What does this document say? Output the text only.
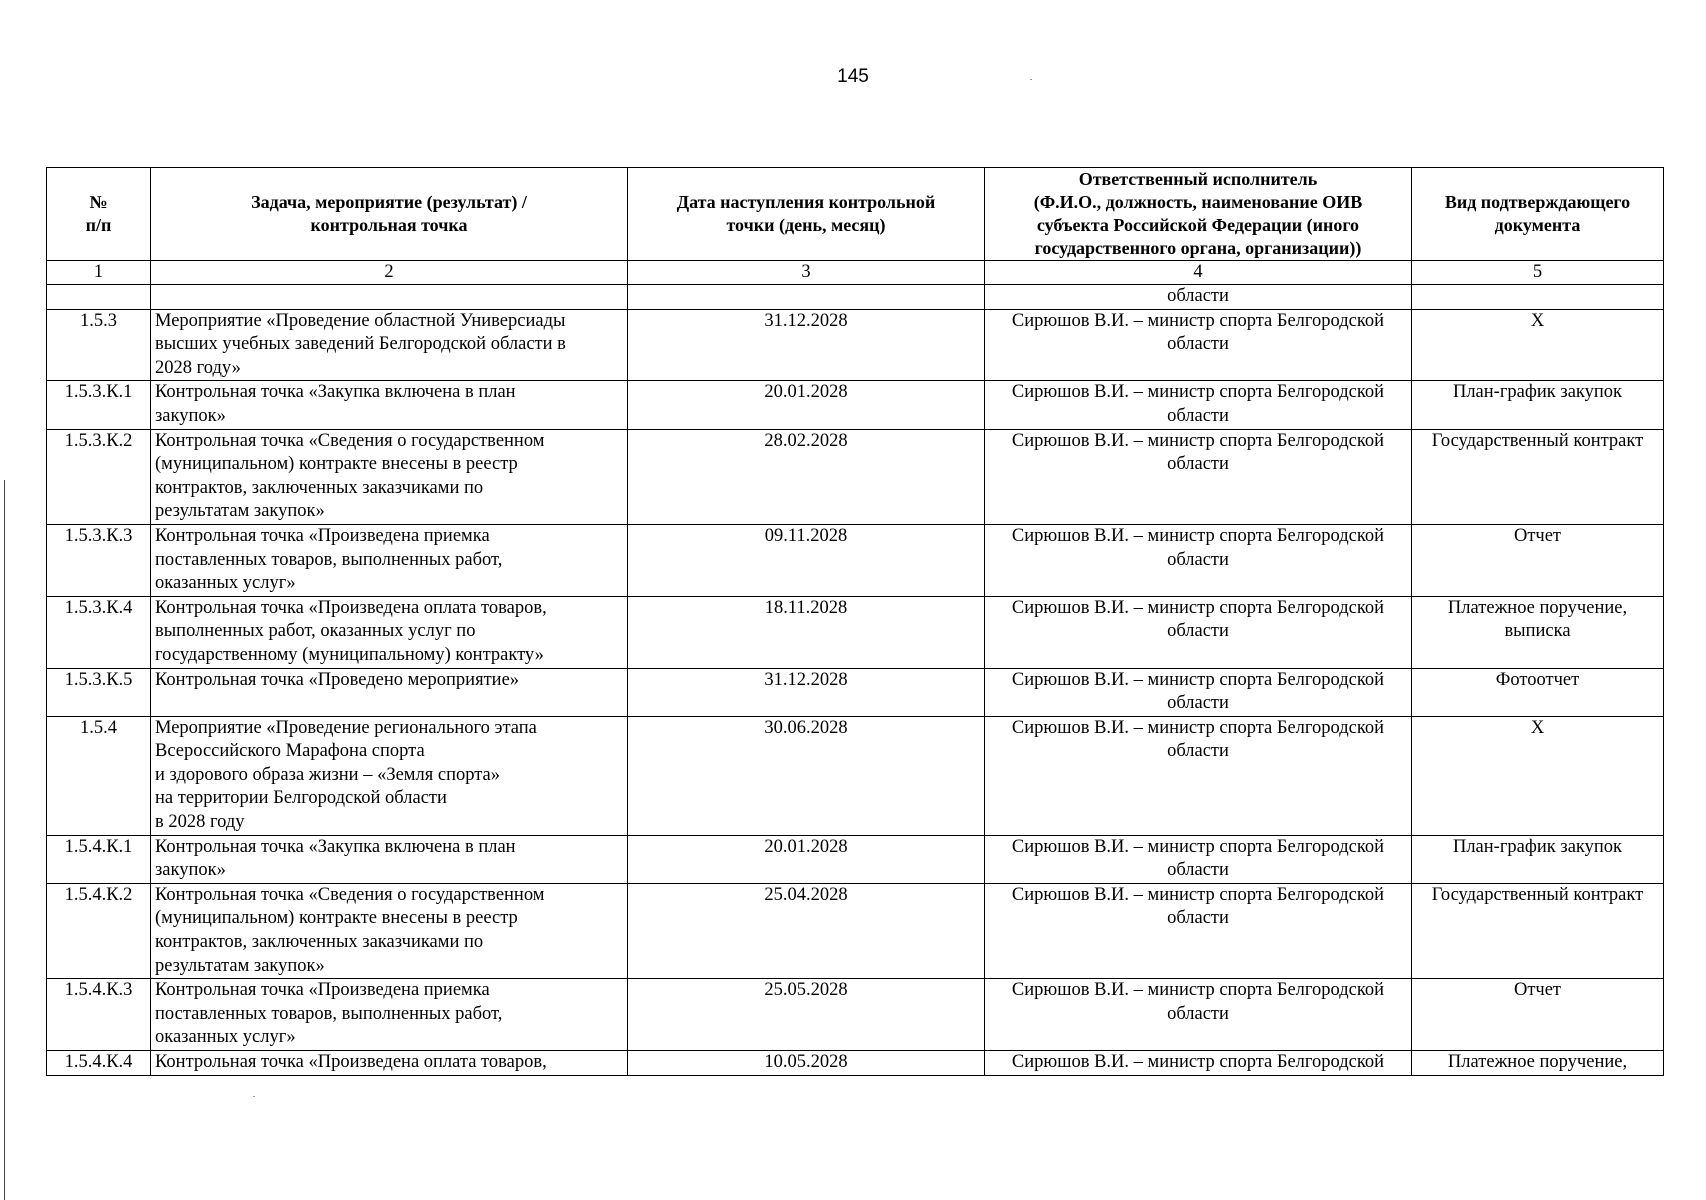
145
№
п/п	Задача, мероприятие (результат) /
контрольная точка	Дата наступления контрольной
точки (день, месяц)	Ответственный исполнитель
(Ф.И.О., должность, наименование ОИВ
субъекта Российской Федерации (иного
государственного органа, организации))	Вид подтверждающего
документа

1	2	3	4	5
			области	
1.5.3	Мероприятие «Проведение областной Универсиады
высших учебных заведений Белгородской области в
2028 году»	31.12.2028	Сирюшов В.И. – министр спорта Белгородской
области	Х

1.5.3.К.1	Контрольная точка «Закупка включена в план
закупок»	20.01.2028	Сирюшов В.И. – министр спорта Белгородской
области	План-график закупок

1.5.3.К.2	Контрольная точка «Сведения о государственном
(муниципальном) контракте внесены в реестр
контрактов, заключенных заказчиками по
результатам закупок»	28.02.2028	Сирюшов В.И. – министр спорта Белгородской
области	Государственный контракт

1.5.3.К.3	Контрольная точка «Произведена приемка
поставленных товаров, выполненных работ,
оказанных услуг»	09.11.2028	Сирюшов В.И. – министр спорта Белгородской
области	Отчет

1.5.3.К.4	Контрольная точка «Произведена оплата товаров,
выполненных работ, оказанных услуг по
государственному (муниципальному) контракту»	18.11.2028	Сирюшов В.И. – министр спорта Белгородской
области	Платежное поручение,
выписка

1.5.3.К.5	Контрольная точка «Проведено мероприятие»	31.12.2028	Сирюшов В.И. – министр спорта Белгородской
области	Фотоотчет

1.5.4	Мероприятие «Проведение регионального этапа
Всероссийского Марафона спорта
и здорового образа жизни – «Земля спорта»
на территории Белгородской области
в 2028 году	30.06.2028	Сирюшов В.И. – министр спорта Белгородской
области	Х

1.5.4.К.1	Контрольная точка «Закупка включена в план
закупок»	20.01.2028	Сирюшов В.И. – министр спорта Белгородской
области	План-график закупок

1.5.4.К.2	Контрольная точка «Сведения о государственном
(муниципальном) контракте внесены в реестр
контрактов, заключенных заказчиками по
результатам закупок»	25.04.2028	Сирюшов В.И. – министр спорта Белгородской
области	Государственный контракт

1.5.4.К.3	Контрольная точка «Произведена приемка
поставленных товаров, выполненных работ,
оказанных услуг»	25.05.2028	Сирюшов В.И. – министр спорта Белгородской
области	Отчет

1.5.4.К.4	Контрольная точка «Произведена оплата товаров,	10.05.2028	Сирюшов В.И. – министр спорта Белгородской	Платежное поручение,
